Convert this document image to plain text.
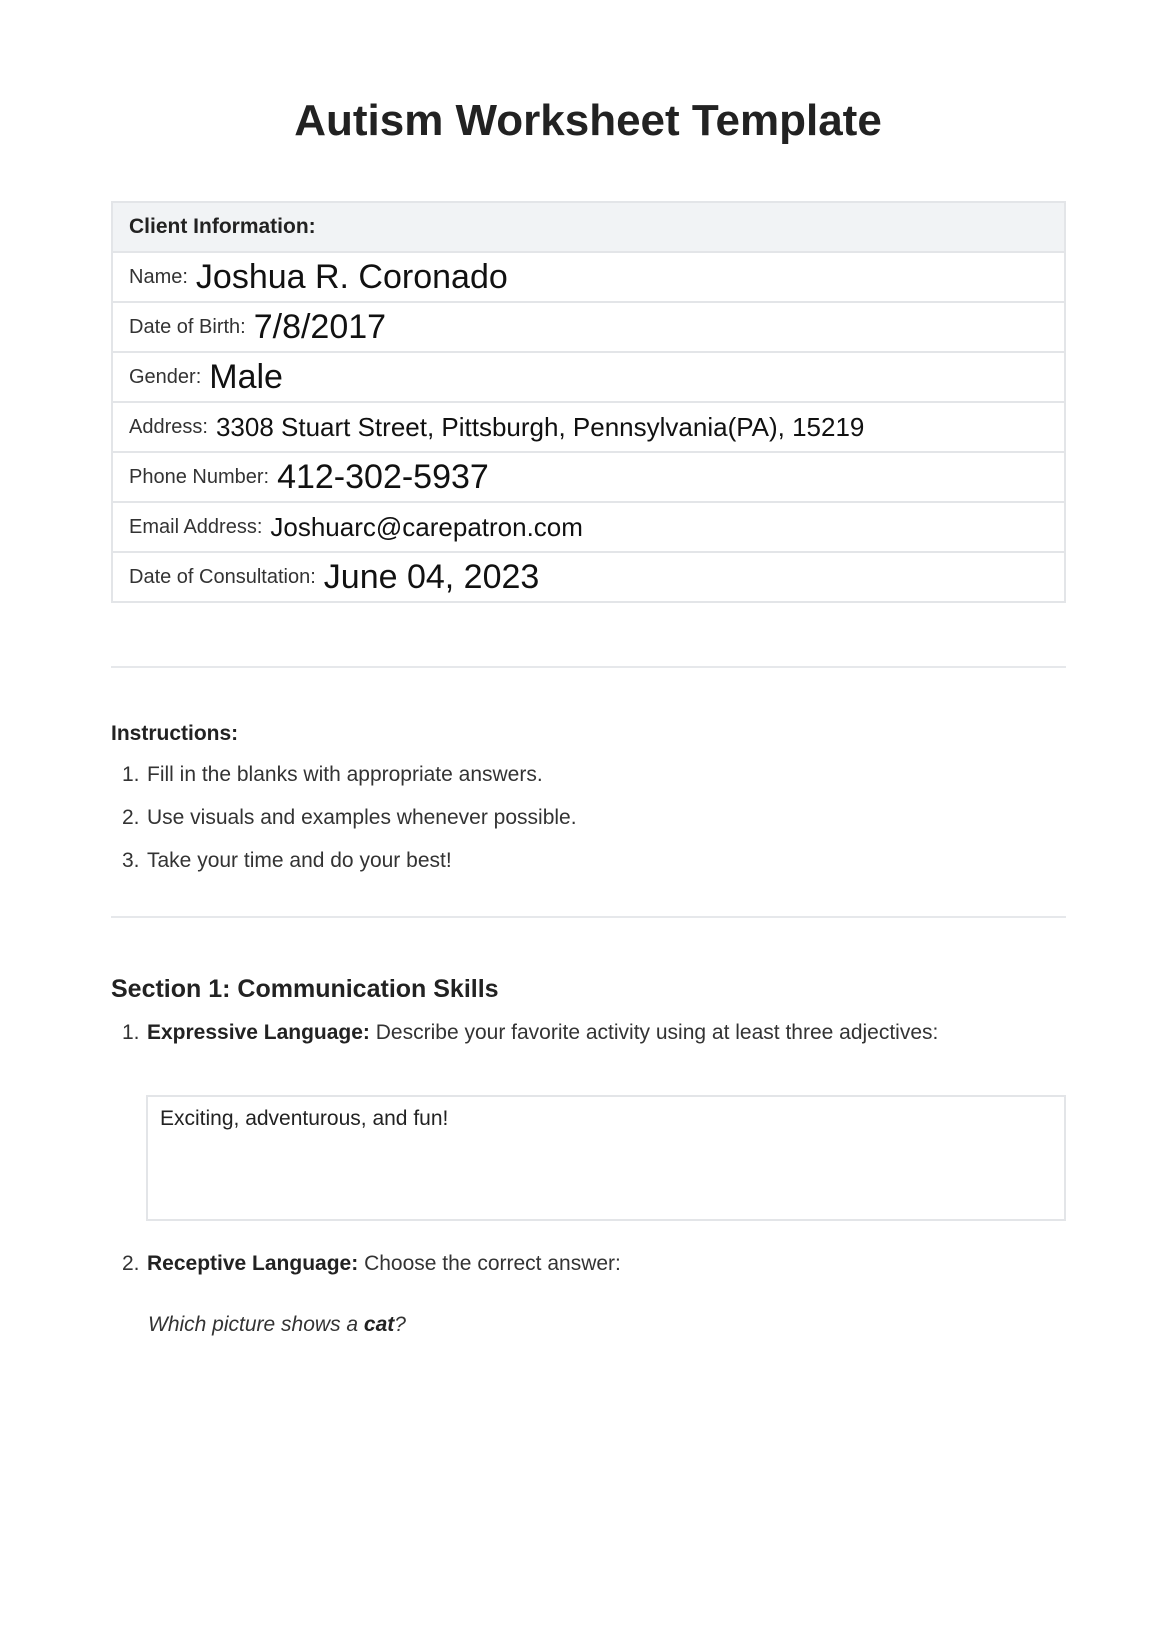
Autism Worksheet Template
Client Information:
Name: Joshua R. Coronado
Date of Birth: 7/8/2017
Gender: Male
Address: 3308 Stuart Street, Pittsburgh, Pennsylvania(PA), 15219
Phone Number: 412-302-5937
Email Address: Joshuarc@carepatron.com
Date of Consultation: June 04, 2023
Instructions:
1. Fill in the blanks with appropriate answers.
2. Use visuals and examples whenever possible.
3. Take your time and do your best!
Section 1: Communication Skills
1. Expressive Language: Describe your favorite activity using at least three adjectives:
Exciting, adventurous, and fun!
2. Receptive Language: Choose the correct answer:
Which picture shows a cat?
